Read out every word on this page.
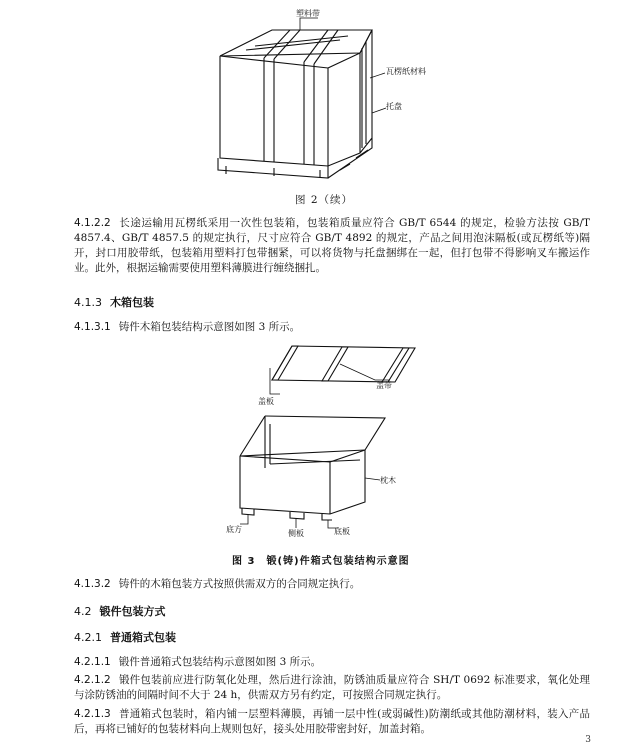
塑料带
瓦楞纸材料
托盘
图 2（续）
4.1.2.2 长途运输用瓦楞纸采用一次性包装箱，包装箱质量应符合 GB/T 6544 的规定，检验方法按 GB/T 4857.4、GB/T 4857.5 的规定执行，尺寸应符合 GB/T 4892 的规定，产品之间用泡沫隔板(或瓦楞纸等)隔开，封口用胶带纸，包装箱用塑料打包带捆紧，可以将货物与托盘捆绑在一起，但打包带不得影响叉车搬运作业。此外，根据运输需要使用塑料薄膜进行缠绕捆扎。
4.1.3 木箱包装
4.1.3.1 铸件木箱包装结构示意图如图 3 所示。
盖带
盖板
枕木
底方	侧板	底板
图 3　锻(铸)件箱式包装结构示意图
4.1.3.2 铸件的木箱包装方式按照供需双方的合同规定执行。
4.2 锻件包装方式
4.2.1 普通箱式包装
4.2.1.1 锻件普通箱式包装结构示意图如图 3 所示。
4.2.1.2 锻件包装前应进行防氧化处理，然后进行涂油，防锈油质量应符合 SH/T 0692 标准要求，氧化处理与涂防锈油的间隔时间不大于 24 h，供需双方另有约定，可按照合同规定执行。
4.2.1.3 普通箱式包装时，箱内铺一层塑料薄膜，再铺一层中性(或弱碱性)防潮纸或其他防潮材料，装入产品后，再将已铺好的包装材料向上规则包好，接头处用胶带密封好，加盖封箱。
3
